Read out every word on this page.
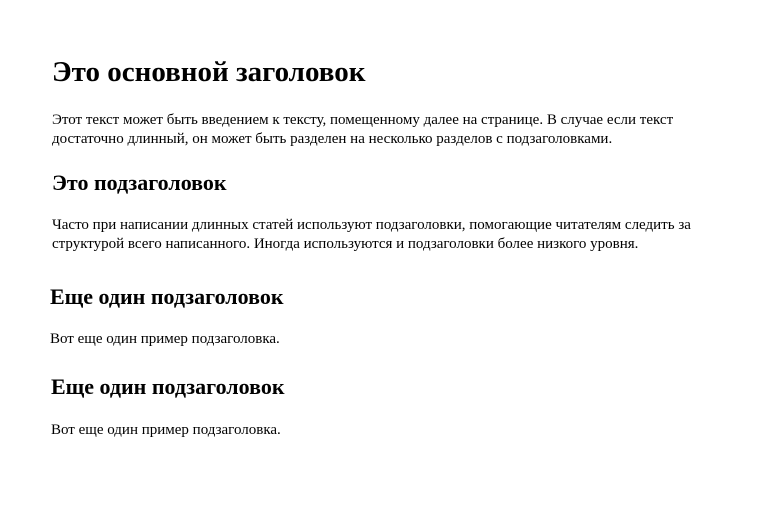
Это основной заголовок

Этот текст может быть введением к тексту, помещенному далее на странице. В случае если текст достаточно длинный, он может быть разделен на несколько разделов с подзаголовками.

Это подзаголовок

Часто при написании длинных статей используют подзаголовки, помогающие читателям следить за структурой всего написанного. Иногда используются и подзаголовки более низкого уровня.

Еще один подзаголовок

Вот еще один пример подзаголовка.

Еще один подзаголовок

Вот еще один пример подзаголовка.
